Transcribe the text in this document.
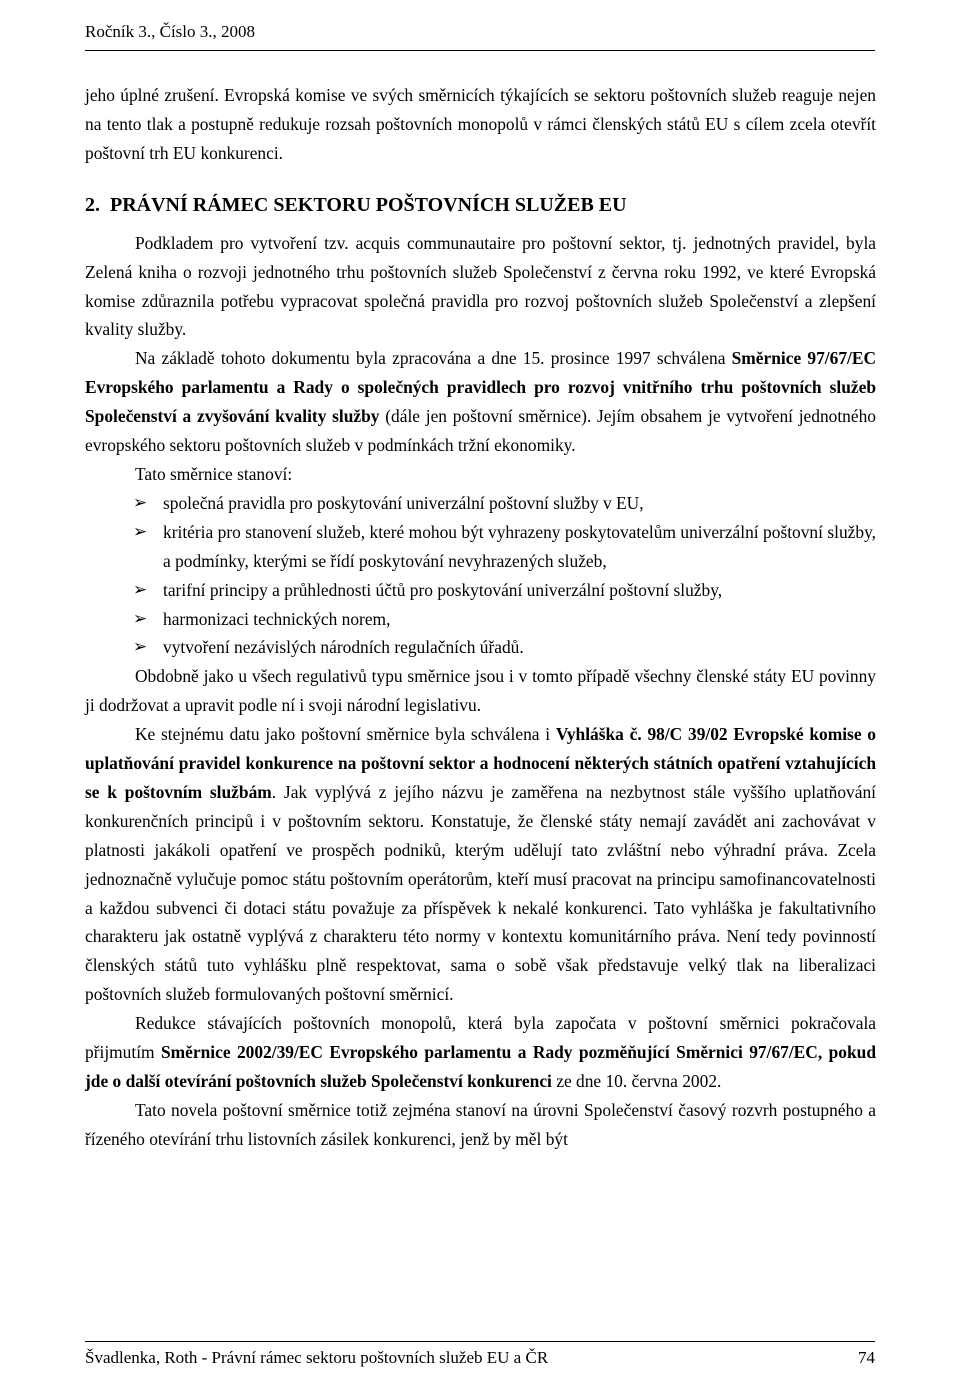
Ročník 3., Číslo 3., 2008

jeho úplné zrušení. Evropská komise ve svých směrnicích týkajících se sektoru poštovních služeb reaguje nejen na tento tlak a postupně redukuje rozsah poštovních monopolů v rámci členských států EU s cílem zcela otevřít poštovní trh EU konkurenci.

2. PRÁVNÍ RÁMEC SEKTORU POŠTOVNÍCH SLUŽEB EU

Podkladem pro vytvoření tzv. acquis communautaire pro poštovní sektor, tj. jednotných pravidel, byla Zelená kniha o rozvoji jednotného trhu poštovních služeb Společenství z června roku 1992, ve které Evropská komise zdůraznila potřebu vypracovat společná pravidla pro rozvoj poštovních služeb Společenství a zlepšení kvality služby.

Na základě tohoto dokumentu byla zpracována a dne 15. prosince 1997 schválena Směrnice 97/67/EC Evropského parlamentu a Rady o společných pravidlech pro rozvoj vnitřního trhu poštovních služeb Společenství a zvyšování kvality služby (dále jen poštovní směrnice). Jejím obsahem je vytvoření jednotného evropského sektoru poštovních služeb v podmínkách tržní ekonomiky.

Tato směrnice stanoví:

➢ společná pravidla pro poskytování univerzální poštovní služby v EU,
➢ kritéria pro stanovení služeb, které mohou být vyhrazeny poskytovatelům univerzální poštovní služby, a podmínky, kterými se řídí poskytování nevyhrazených služeb,
➢ tarifní principy a průhlednosti účtů pro poskytování univerzální poštovní služby,
➢ harmonizaci technických norem,
➢ vytvoření nezávislých národních regulačních úřadů.

Obdobně jako u všech regulativů typu směrnice jsou i v tomto případě všechny členské státy EU povinny ji dodržovat a upravit podle ní i svoji národní legislativu.

Ke stejnému datu jako poštovní směrnice byla schválena i Vyhláška č. 98/C 39/02 Evropské komise o uplatňování pravidel konkurence na poštovní sektor a hodnocení některých státních opatření vztahujících se k poštovním službám. Jak vyplývá z jejího názvu je zaměřena na nezbytnost stále vyššího uplatňování konkurenčních principů i v poštovním sektoru. Konstatuje, že členské státy nemají zavádět ani zachovávat v platnosti jakákoli opatření ve prospěch podniků, kterým udělují tato zvláštní nebo výhradní práva. Zcela jednoznačně vylučuje pomoc státu poštovním operátorům, kteří musí pracovat na principu samofinancovatelnosti a každou subvenci či dotaci státu považuje za příspěvek k nekalé konkurenci. Tato vyhláška je fakultativního charakteru jak ostatně vyplývá z charakteru této normy v kontextu komunitárního práva. Není tedy povinností členských států tuto vyhlášku plně respektovat, sama o sobě však představuje velký tlak na liberalizaci poštovních služeb formulovaných poštovní směrnicí.

Redukce stávajících poštovních monopolů, která byla započata v poštovní směrnici pokračovala přijmutím Směrnice 2002/39/EC Evropského parlamentu a Rady pozměňující Směrnici 97/67/EC, pokud jde o další otevírání poštovních služeb Společenství konkurenci ze dne 10. června 2002.

Tato novela poštovní směrnice totiž zejména stanoví na úrovni Společenství časový rozvrh postupného a řízeného otevírání trhu listovních zásilek konkurenci, jenž by měl být

Švadlenka, Roth - Právní rámec sektoru poštovních služeb EU a ČR	74
